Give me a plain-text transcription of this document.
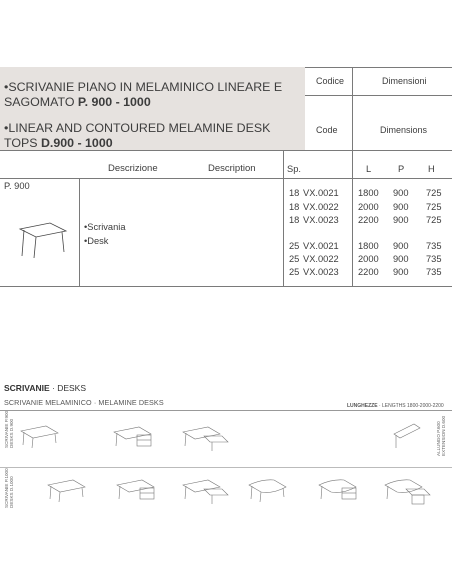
•SCRIVANIE PIANO IN MELAMINICO LINEARE E SAGOMATO P. 900 - 1000
•LINEAR AND CONTOURED MELAMINE DESK TOPS D.900 - 1000
Codice
Code
Dimensioni
Dimensions
Descrizione	Description	Sp.	L	P	H
P. 900
•Scrivania
•Desk
18 VX.0021 1800 900 725
18 VX.0022 2000 900 725
18 VX.0023 2200 900 725
25 VX.0021 1800 900 735
25 VX.0022 2000 900 735
25 VX.0023 2200 900 735
SCRIVANIE · DESKS
SCRIVANIE MELAMINICO · MELAMINE DESKS	LUNGHEZZE · LENGTHS 1800-2000-2200
SCRIVANIE P.900
DESKS D.900
SCRIVANIE P.1000
DESKS D.1000
ALLUNGO P.600
EXTENSION D.600
